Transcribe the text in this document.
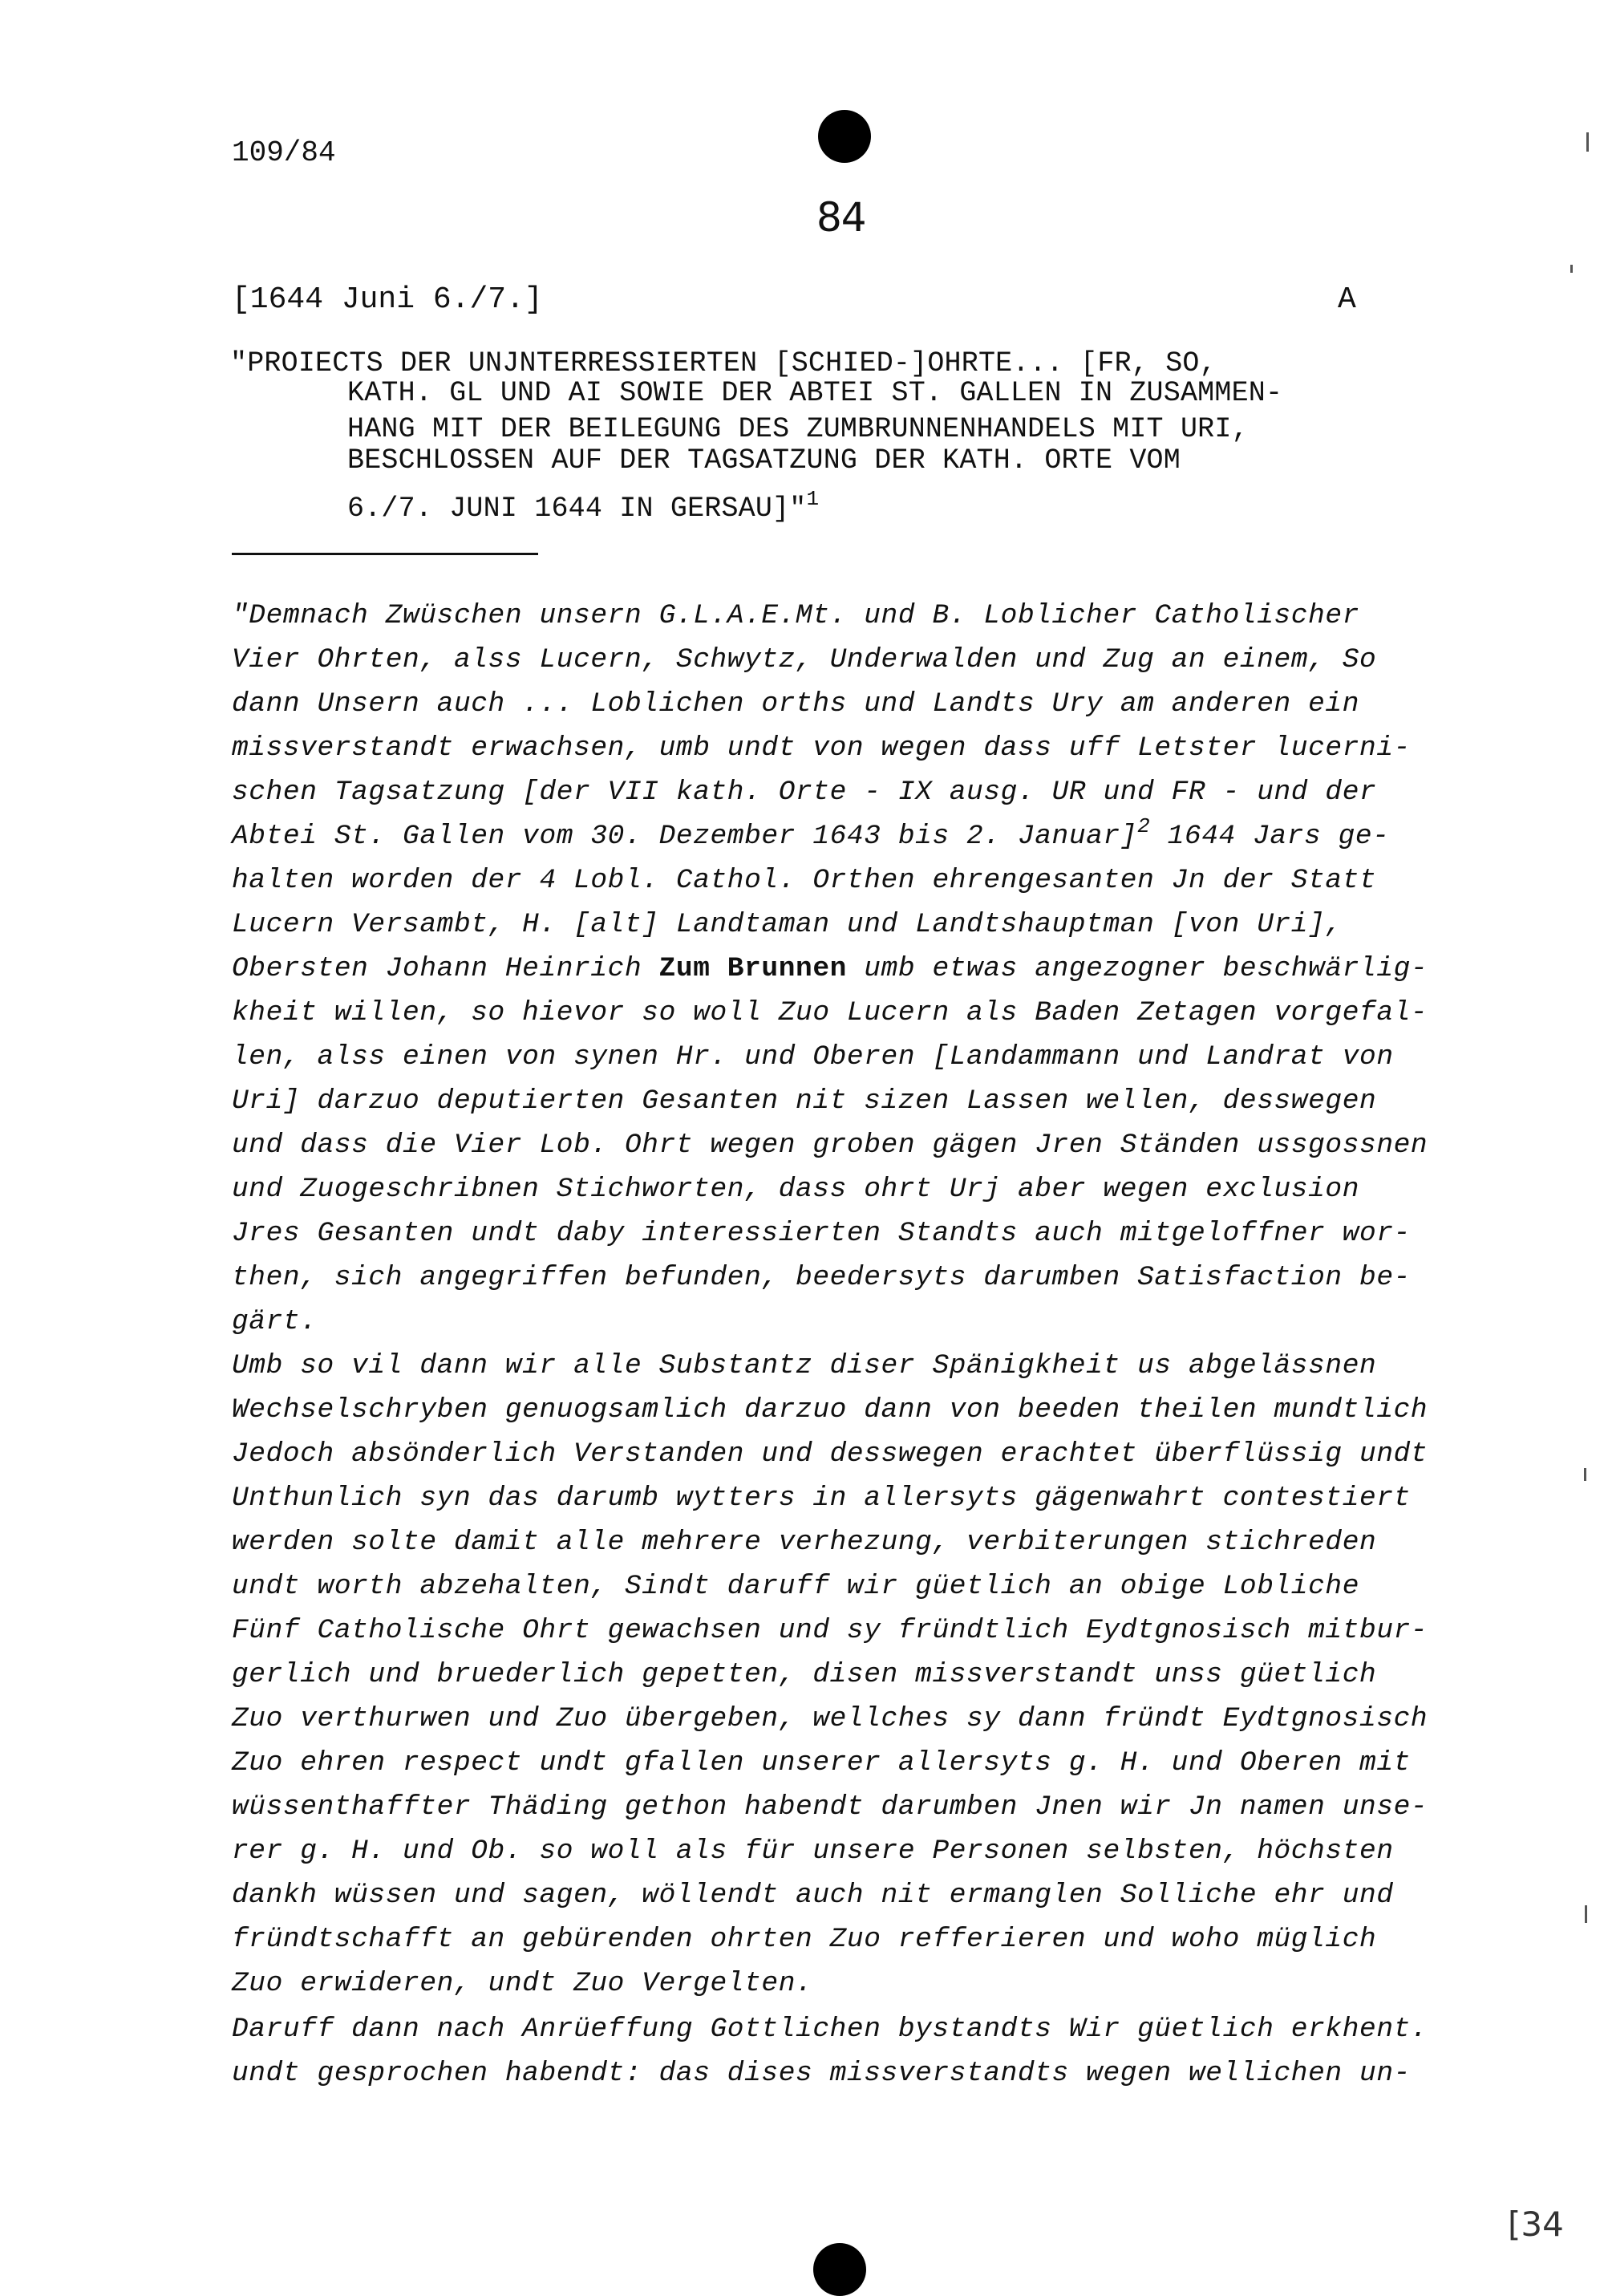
109/84
84
[1644 Juni 6./7.]	A
"PROIECTS DER UNJNTERRESSIERTEN [SCHIED-]OHRTE... [FR, SO,
KATH. GL UND AI SOWIE DER ABTEI ST. GALLEN IN ZUSAMMEN-
HANG MIT DER BEILEGUNG DES ZUMBRUNNENHANDELS MIT URI,
BESCHLOSSEN AUF DER TAGSATZUNG DER KATH. ORTE VOM
6./7. JUNI 1644 IN GERSAU]"$^1$
"Demnach Zwüschen unsern G.L.A.E.Mt. und B. Loblicher Catholischer
Vier Ohrten, alss Lucern, Schwytz, Underwalden und Zug an einem, So
dann Unsern auch ... Loblichen orths und Landts Ury am anderen ein
missverstandt erwachsen, umb undt von wegen dass uff Letster lucerni-
schen Tagsatzung [der VII kath. Orte - IX ausg. UR und FR - und der
Abtei St. Gallen vom 30. Dezember 1643 bis 2. Januar]$^2$ 1644 Jars ge-
halten worden der 4 Lobl. Cathol. Orthen ehrengesanten Jn der Statt
Lucern Versambt, H. [alt] Landtaman und Landtshauptman [von Uri],
Obersten Johann Heinrich Zum Brunnen umb etwas angezogner beschwärlig-
kheit willen, so hievor so woll Zuo Lucern als Baden Zetagen vorgefal-
len, alss einen von synen Hr. und Oberen [Landammann und Landrat von
Uri] darzuo deputierten Gesanten nit sizen Lassen wellen, desswegen
und dass die Vier Lob. Ohrt wegen groben gägen Jren Ständen ussgossnen
und Zuogeschribnen Stichworten, dass ohrt Urj aber wegen exclusion
Jres Gesanten undt daby interessierten Standts auch mitgeloffner wor-
then, sich angegriffen befunden, beedersyts darumben Satisfaction be-
gärt.
Umb so vil dann wir alle Substantz diser Spänigkheit us abgelässnen
Wechselschryben genuogsamlich darzuo dann von beeden theilen mundtlich
Jedoch absönderlich Verstanden und desswegen erachtet überflüssig undt
Unthunlich syn das darumb wytters in allersyts gägenwahrt contestiert
werden solte damit alle mehrere verhezung, verbiterungen stichreden
undt worth abzehalten, Sindt daruff wir güetlich an obige Lobliche
Fünf Catholische Ohrt gewachsen und sy fründtlich Eydtgnosisch mitbur-
gerlich und bruederlich gepetten, disen missverstandt unss güetlich
Zuo verthurwen und Zuo übergeben, wellches sy dann fründt Eydtgnosisch
Zuo ehren respect undt gfallen unserer allersyts g. H. und Oberen mit
wüssenthaffter Thäding gethon habendt darumben Jnen wir Jn namen unse-
rer g. H. und Ob. so woll als für unsere Personen selbsten, höchsten
dankh wüssen und sagen, wöllendt auch nit ermanglen Solliche ehr und
fründtschafft an gebürenden ohrten Zuo refferieren und woho müglich
Zuo erwideren, undt Zuo Vergelten.
Daruff dann nach Anrüeffung Gottlichen bystandts Wir güetlich erkhent.
undt gesprochen habendt: das dises missverstandts wegen wellichen un-
[34
